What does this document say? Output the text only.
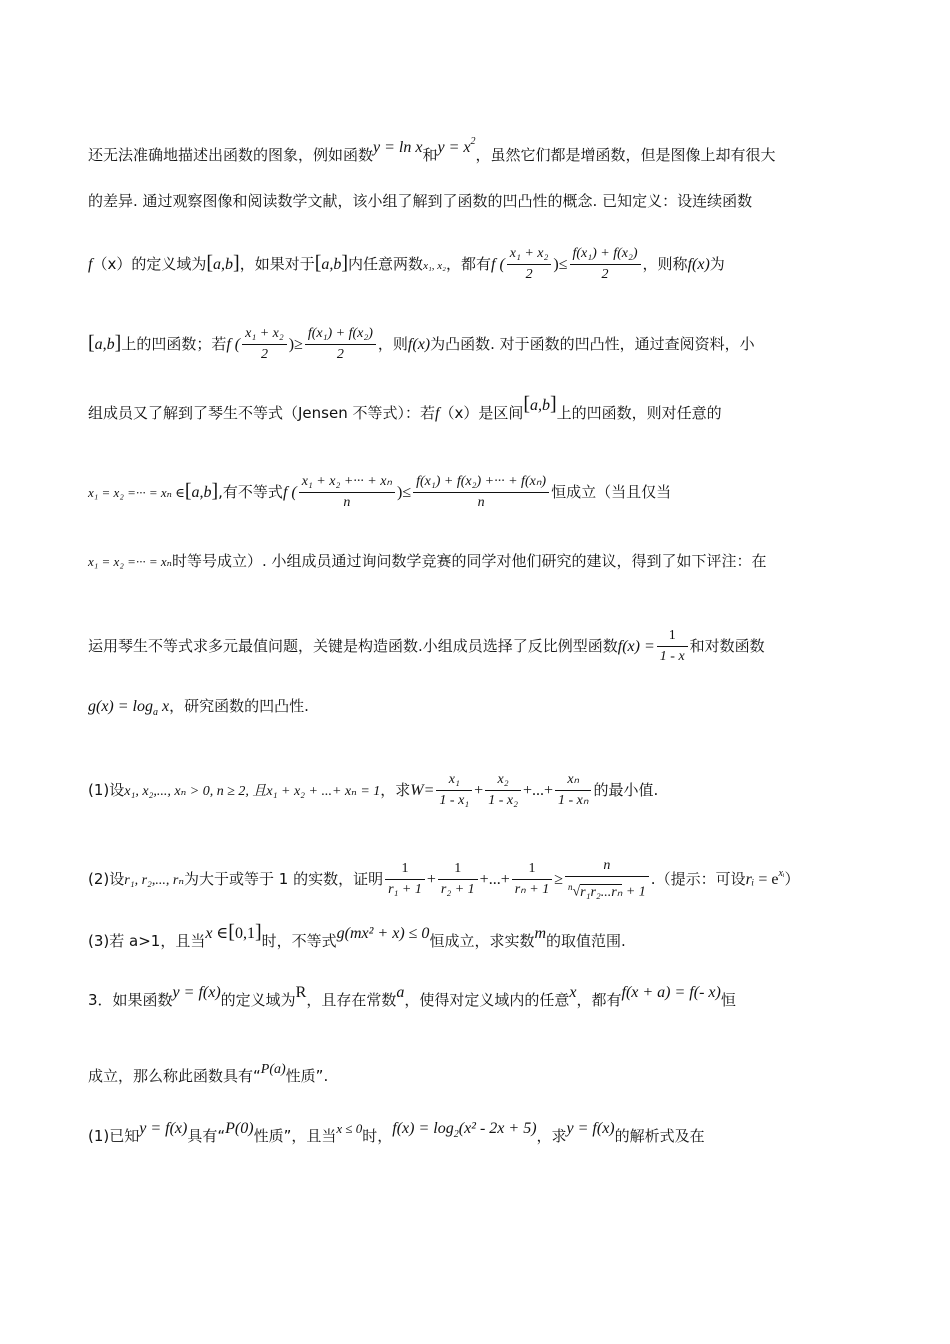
还无法准确地描述出函数的图象，例如函数y = ln x和$y = x^2$，虽然它们都是增函数，但是图像上却有很大
的差异. 通过观察图像和阅读数学文献，该小组了解到了函数的凹凸性的概念. 已知定义：设连续函数
f（x）的定义域为[a,b]，如果对于[a,b]内任意两数x₁, x₂，都有f ( $\frac{\text{x₁ + x₂}}{2}$ )≤ $\frac{\text{f(x₁) + f(x₂)}}{2}$ ，则称f(x)为
[a,b]上的凹函数；若f ( $\frac{\text{x₁ + x₂}}{2}$ )≥ $\frac{\text{f(x₁) + f(x₂)}}{2}$ ，则f(x)为凸函数. 对于函数的凹凸性，通过查阅资料，小
组成员又了解到了琴生不等式（Jensen 不等式）：若f（x）是区间[a,b]上的凹函数，则对任意的
x₁ = x₂ =··· = xₙ ∈[a,b],有不等式f ( $\frac{\text{x₁ + x₂ +··· + xₙ}}{n}$ )≤ $\frac{\text{f(x₁) + f(x₂) +··· + f(xₙ)}}{n}$ 恒成立（当且仅当
x₁ = x₂ =··· = xₙ时等号成立）. 小组成员通过询问数学竞赛的同学对他们研究的建议，得到了如下评注：在
运用琴生不等式求多元最值问题，关键是构造函数.小组成员选择了反比例型函数$f(x) = \frac{1}{1 - x}$ 和对数函数
$g(x) = \log_a x$，研究函数的凹凸性.
(1)设x₁, x₂,..., xₙ > 0, n ≥ 2, 且x₁ + x₂ + ...+ xₙ = 1，求$W= \frac{\text{x₁}}{\text{1 - x₁}} + \frac{\text{x₂}}{\text{1 - x₂}}$ +...+ $\frac{\text{xₙ}}{\text{1 - xₙ}}$ 的最小值.
(2)设r₁, r₂,..., rₙ为大于或等于 1 的实数，证明 $\frac{1}{\text{r₁ + 1}} + \frac{1}{\text{r₂ + 1}}$ +...+ $\frac{1}{\text{rₙ + 1}} \ge \frac{n}{^n√r_1r_2...r_n + 1}$ .（提示：可设rᵢ = $e^{xᵢ}$）
(3)若 a>1，且当x ∈[0,1]时，不等式g(mx² + x) ≤ 0恒成立，求实数m的取值范围.
3．如果函数y = f(x)的定义域为R，且存在常数a，使得对定义域内的任意x，都有f(x + a) = f(- x)恒
成立，那么称此函数具有“P(a)性质”.
(1)已知y = f(x)具有“P(0)性质”，且当x ≤ 0时，$f(x) = \log_2(x^2 - 2x + 5)$，求y = f(x)的解析式及在
